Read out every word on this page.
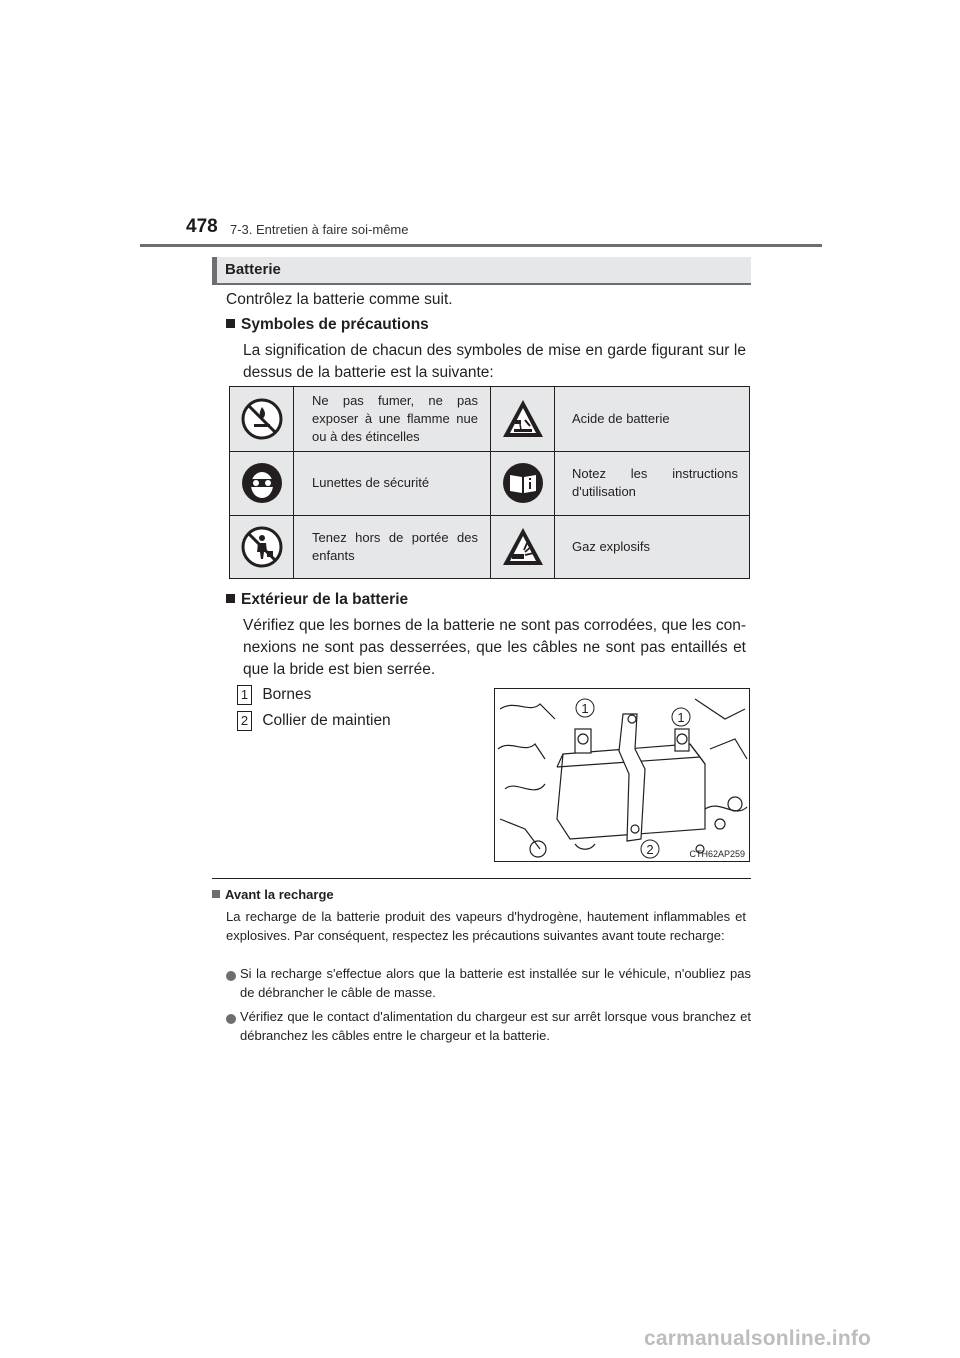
478 7-3. Entretien à faire soi-même
Batterie
Contrôlez la batterie comme suit.
Symboles de précautions
La signification de chacun des symboles de mise en garde figurant sur le dessus de la batterie est la suivante:
Ne pas fumer, ne pas exposer à une flamme nue ou à des étincelles
Acide de batterie
Lunettes de sécurité
Notez les instructions d'utilisation
Tenez hors de portée des enfants
Gaz explosifs
Extérieur de la batterie
Vérifiez que les bornes de la batterie ne sont pas corrodées, que les con-
nexions ne sont pas desserrées, que les câbles ne sont pas entaillés et
que la bride est bien serrée.
1 Bornes
2 Collier de maintien
1
1
2	CTH62AP259
Avant la recharge
La recharge de la batterie produit des vapeurs d'hydrogène, hautement inflammables et explosives. Par conséquent, respectez les précautions suivantes avant toute recharge:
Si la recharge s'effectue alors que la batterie est installée sur le véhicule, n'oubliez pas de débrancher le câble de masse.
Vérifiez que le contact d'alimentation du chargeur est sur arrêt lorsque vous branchez et débranchez les câbles entre le chargeur et la batterie.
carmanualsonline.info
